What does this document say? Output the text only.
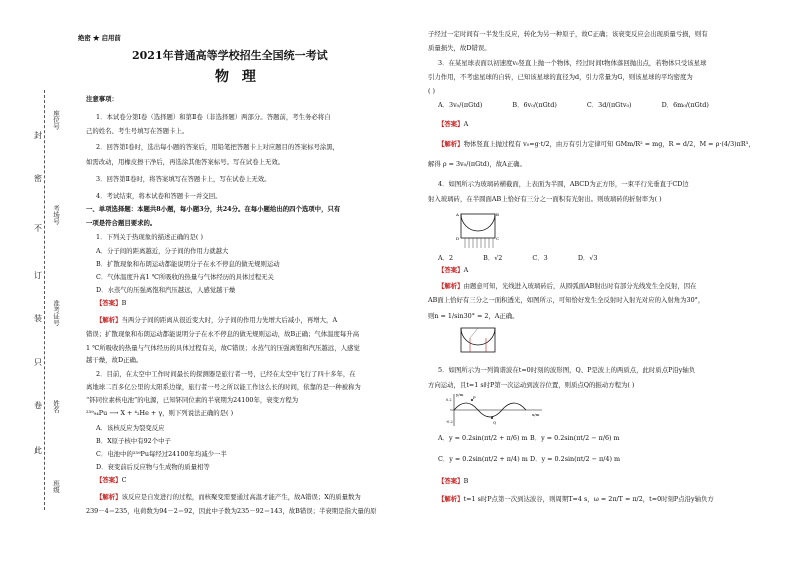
封
密
不
订
装
只
卷
此
座位号
考场号
准考证号
姓名
班级
绝密 ★ 启用前
2021年普通高等学校招生全国统一考试
物 理
注意事项：
1．本试卷分第Ⅰ卷（选择题）和第Ⅱ卷（非选择题）两部分。答题前，考生务必将自
己的姓名、考生号填写在答题卡上。
2．回答第Ⅰ卷时，选出每小题的答案后，用铅笔把答题卡上对应题目的答案标号涂黑，
如需改动，用橡皮擦干净后，再选涂其他答案标号。写在试卷上无效。
3．回答第Ⅱ卷时，将答案填写在答题卡上，写在试卷上无效。
4．考试结束，将本试卷和答题卡一并交回。
一、单项选择题：本题共8小题，每小题3分，共24分。在每小题给出的四个选项中，只有
一项是符合题目要求的。
1．下列关于热现象的描述正确的是( )
A．分子间的距离越近，分子间的作用力就越大
B．扩散现象和布朗运动都能说明分子在永不停息的做无规则运动
C．气体温度升高1 ℃所吸收的热量与气体经历的具体过程无关
D．水蒸气的压强离饱和汽压越远，人感觉越干燥
【答案】B
【解析】当两分子间的距离从很近变大时，分子间的作用力先增大后减小，再增大，A
错误；扩散现象和布朗运动都能说明分子在永不停息的做无规则运动，故B正确；气体温度每升高
1 ℃所吸收的热量与气体经历的具体过程有关，故C错误；水蒸气的压强离饱和汽压越远，人感觉
越干燥，故D正确。
2．目前，在太空中工作时间最长的探测器是旅行者一号，已经在太空中飞行了四十多年，在
离地球二百多亿公里的太阳系边缘，旅行者一号之所以能工作这么长的时间，依靠的是一种被称为
“钚同位素核电池”的电源，已知钚同位素的半衰期为24100年，衰变方程为
²³⁹₉₄Pu ⟶ X + ⁴₂He + γ，则下列说法正确的是( )
A．该核反应为裂变反应
B．X原子核中有92个中子
C．电池中的²³⁹Pu每经过24100年均减少一半
D．衰变前后反应物与生成物的质量相等
【答案】C
【解析】该反应是自发进行的过程，而核聚变需要通过高温才能产生，故A错误；X的质量数为
239－4＝235，电荷数为94－2＝92，因此中子数为235－92＝143，故B错误；半衰期是指大量的原
子经过一定时间有一半发生反应，转化为另一种原子，故C正确；该衰变反应会出现质量亏损，则有
质量损失，故D错误。
3．在某星球表面以初速度v₀竖直上抛一个物体，经过时间t物体落回抛出点，若物体只受该星球
引力作用，不考虑星球的自转，已知该星球的直径为d，引力常量为G，则该星球的平均密度为
( )
A．3v₀/(πGtd)	B．6v₀/(πGtd)	C．3d/(πGtv₀)	D．6m₀/(πGtd)
【答案】A
【解析】物体竖直上抛过程有 v₀=g·t/2，由万有引力定律可知 GMm/R² = mg，R = d/2，M = ρ·(4/3)πR³，
解得 ρ = 3v₀/(πGtd)，故A正确。
4．如图所示为玻璃砖横截面，上表面为半圆，ABCD为正方形，一束平行光垂直于CD边
射入玻璃砖，在半圆面AB上恰好有三分之一面积有光射出。则玻璃砖的折射率为( )
A	B
D	C
A．2	B．√2	C．3	D．√3
【答案】A
【解析】由题意可知，光线进入玻璃砖后，从圆弧面AB射出时有部分光线发生全反射，因在
AB面上恰好有三分之一面积透光，如图所示，可知恰好发生全反射时入射光对应的入射角为30°，
则n = 1/sin30° = 2，A正确。
5．如图所示为一列简谐波在t=0时刻的波形图，Q、P是波上的两质点，此时质点P沿y轴负
方向运动，且t=1 s时P第一次运动到波谷位置，则质点Q的振动方程为( )
y/m
x/m
0.2
-0.2
P
Q
A．y = 0.2sin(πt/2 + π/6) m B．y = 0.2sin(πt/2 − π/6) m
C．y = 0.2sin(πt/2 + π/4) m D．y = 0.2sin(πt/2 − π/4) m
【答案】B
【解析】t=1 s时P点第一次到达波谷，则周期T=4 s，ω = 2π/T = π/2，t=0时刻P点沿y轴负方
